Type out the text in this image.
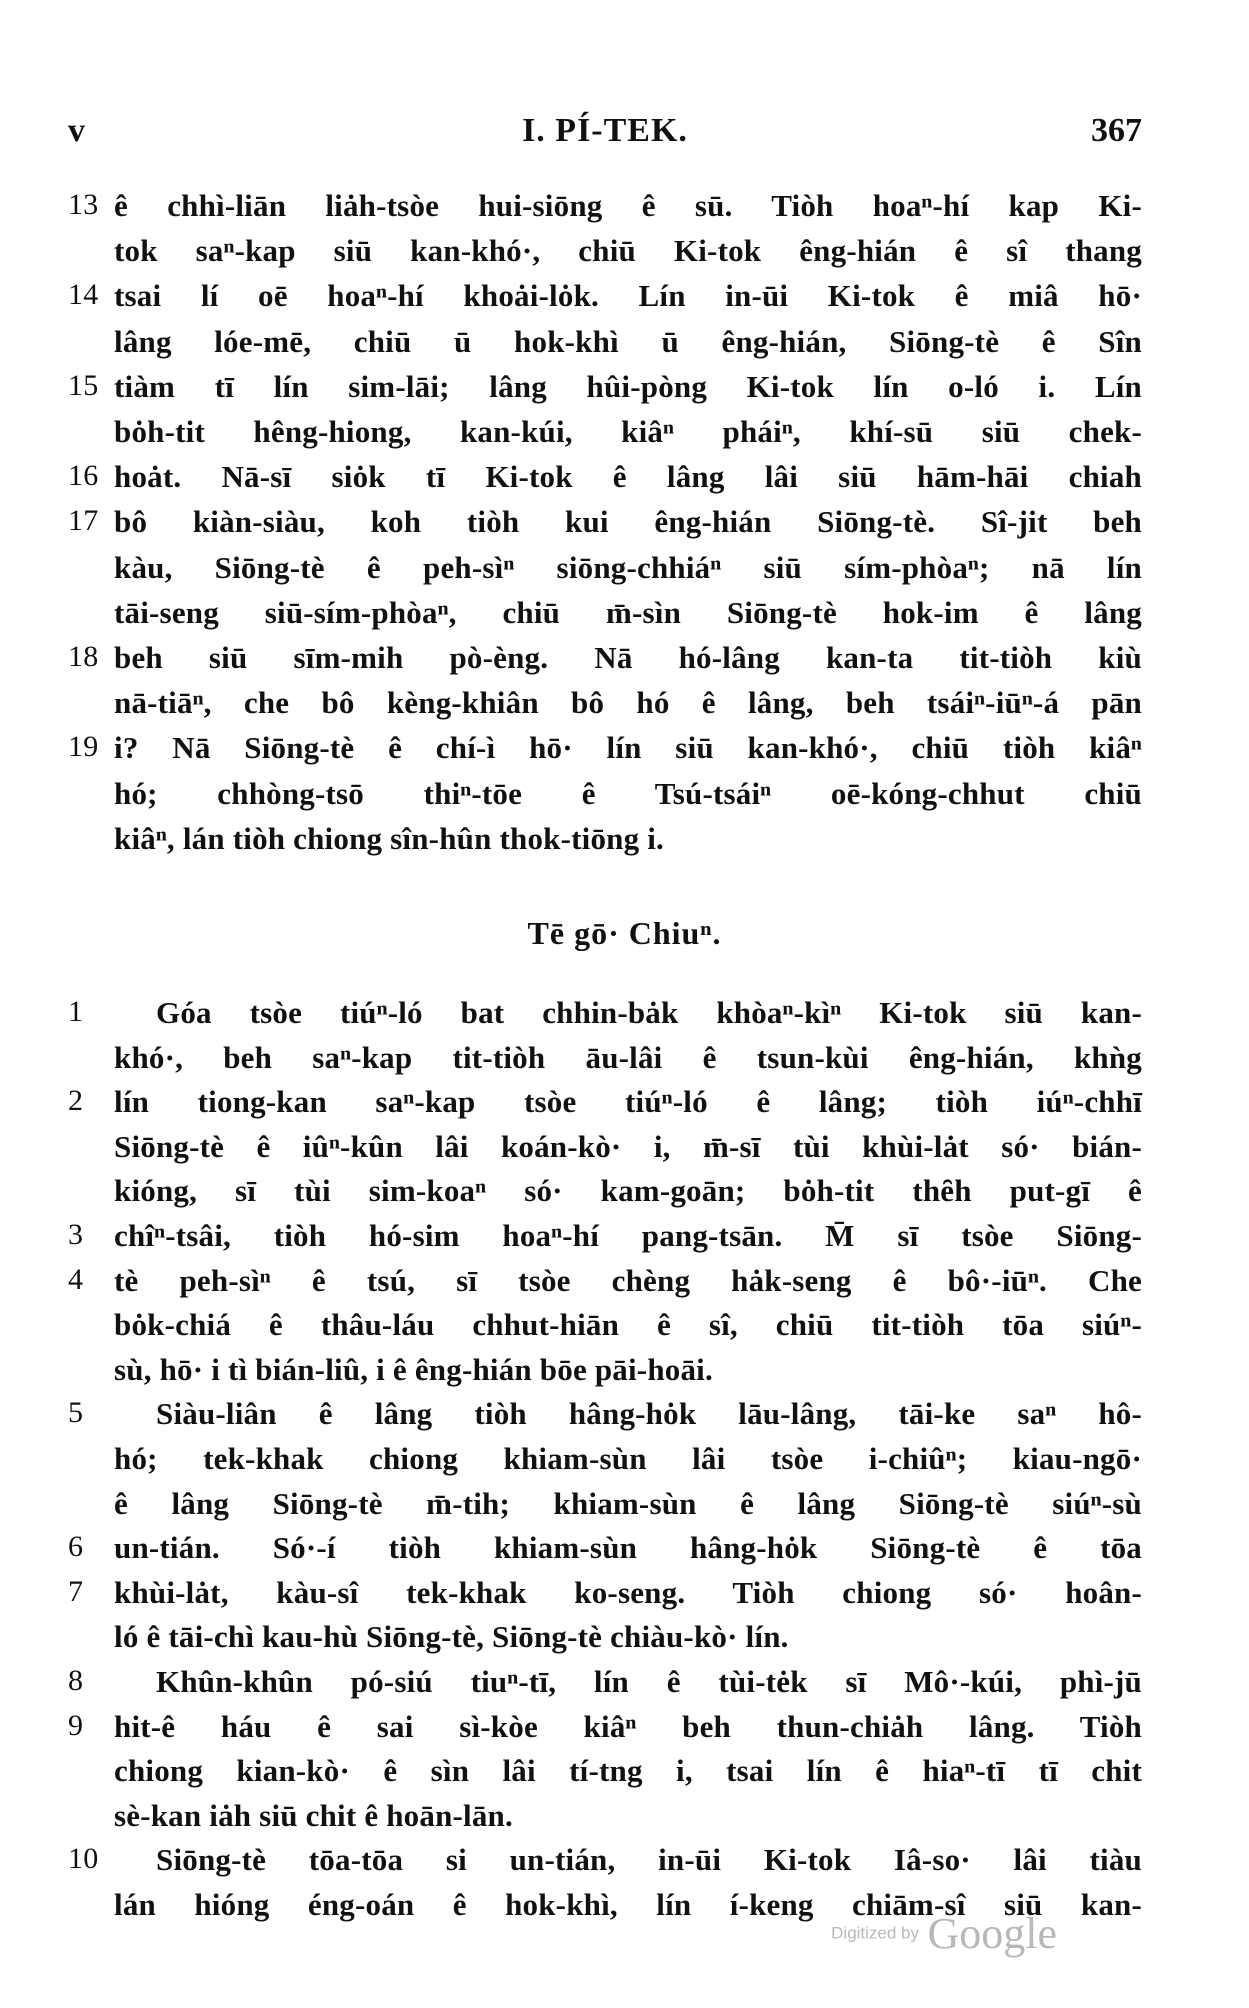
v	I. PÍ-TEK.	367
13 ê chhì-liān liȧh-tsòe hui-siōng ê sū. Tiòh hoaⁿ-hí kap Ki-
tok saⁿ-kap siū kan-khó·, chiū Ki-tok êng-hián ê sî thang
14 tsai lí oē hoaⁿ-hí khoȧi-lȯk. Lín in-ūi Ki-tok ê miâ hō·
lâng lóe-mē, chiū ū hok-khì ū êng-hián, Siōng-tè ê Sîn
15 tiàm tī lín sim-lāi; lâng hûi-pòng Ki-tok lín o-ló i. Lín
bȯh-tit hêng-hiong, kan-kúi, kiâⁿ pháiⁿ, khí-sū siū chek-
16 hoȧt. Nā-sī siȯk tī Ki-tok ê lâng lâi siū hām-hāi chiah
17 bô kiàn-siàu, koh tiòh kui êng-hián Siōng-tè. Sî-jit beh
kàu, Siōng-tè ê peh-sìⁿ siōng-chhiáⁿ siū sím-phòaⁿ; nā lín
tāi-seng siū-sím-phòaⁿ, chiū m̄-sìn Siōng-tè hok-im ê lâng
18 beh siū sīm-mih pò-èng. Nā hó-lâng kan-ta tit-tiòh kiù
nā-tiāⁿ, che bô kèng-khiân bô hó ê lâng, beh tsáiⁿ-iūⁿ-á pān
19 i? Nā Siōng-tè ê chí-ì hō· lín siū kan-khó·, chiū tiòh kiâⁿ
hó; chhòng-tsō thiⁿ-tōe ê Tsú-tsáiⁿ oē-kóng-chhut chiū
kiâⁿ, lán tiòh chiong sîn-hûn thok-tiōng i.
Tē gō· Chiuⁿ.
1	Góa tsòe tiúⁿ-ló bat chhin-bȧk khòaⁿ-kìⁿ Ki-tok siū kan-
khó·, beh saⁿ-kap tit-tiòh āu-lâi ê tsun-kùi êng-hián, khǹg
2 lín tiong-kan saⁿ-kap tsòe tiúⁿ-ló ê lâng; tiòh iúⁿ-chhī
Siōng-tè ê iûⁿ-kûn lâi koán-kò· i, m̄-sī tùi khùi-lȧt só· bián-
kióng, sī tùi sim-koaⁿ só· kam-goān; bȯh-tit thȇh put-gī ê
3 chîⁿ-tsâi, tiòh hó-sim hoaⁿ-hí pang-tsān. M̄ sī tsòe Siōng-
4 tè peh-sìⁿ ê tsú, sī tsòe chèng hȧk-seng ê bô·-iūⁿ. Che
bȯk-chiá ê thâu-láu chhut-hiān ê sî, chiū tit-tiòh tōa siúⁿ-
sù, hō· i tì bián-liû, i ê êng-hián bōe pāi-hoāi.
5	Siàu-liân ê lâng tiòh hâng-hȯk lāu-lâng, tāi-ke saⁿ hô-
hó; tek-khak chiong khiam-sùn lâi tsòe i-chiûⁿ; kiau-ngō·
ê lâng Siōng-tè m̄-tih; khiam-sùn ê lâng Siōng-tè siúⁿ-sù
6 un-tián. Só·-í tiòh khiam-sùn hâng-hȯk Siōng-tè ê tōa
7 khùi-lȧt, kàu-sî tek-khak ko-seng. Tiòh chiong só· hoân-
ló ê tāi-chì kau-hù Siōng-tè, Siōng-tè chiàu-kò· lín.
8	Khûn-khûn pó-siú tiuⁿ-tī, lín ê tùi-tėk sī Mô·-kúi, phì-jū
9 hit-ê háu ê sai sì-kòe kiâⁿ beh thun-chiȧh lâng. Tiòh
chiong kian-kò· ê sìn lâi tí-tng i, tsai lín ê hiaⁿ-tī tī chit
sè-kan iȧh siū chit ê hoān-lān.
10	Siōng-tè tōa-tōa si un-tián, in-ūi Ki-tok Iâ-so· lâi tiàu
lán hióng éng-oán ê hok-khì, lín í-keng chiām-sî siū kan-
Digitized by Google
